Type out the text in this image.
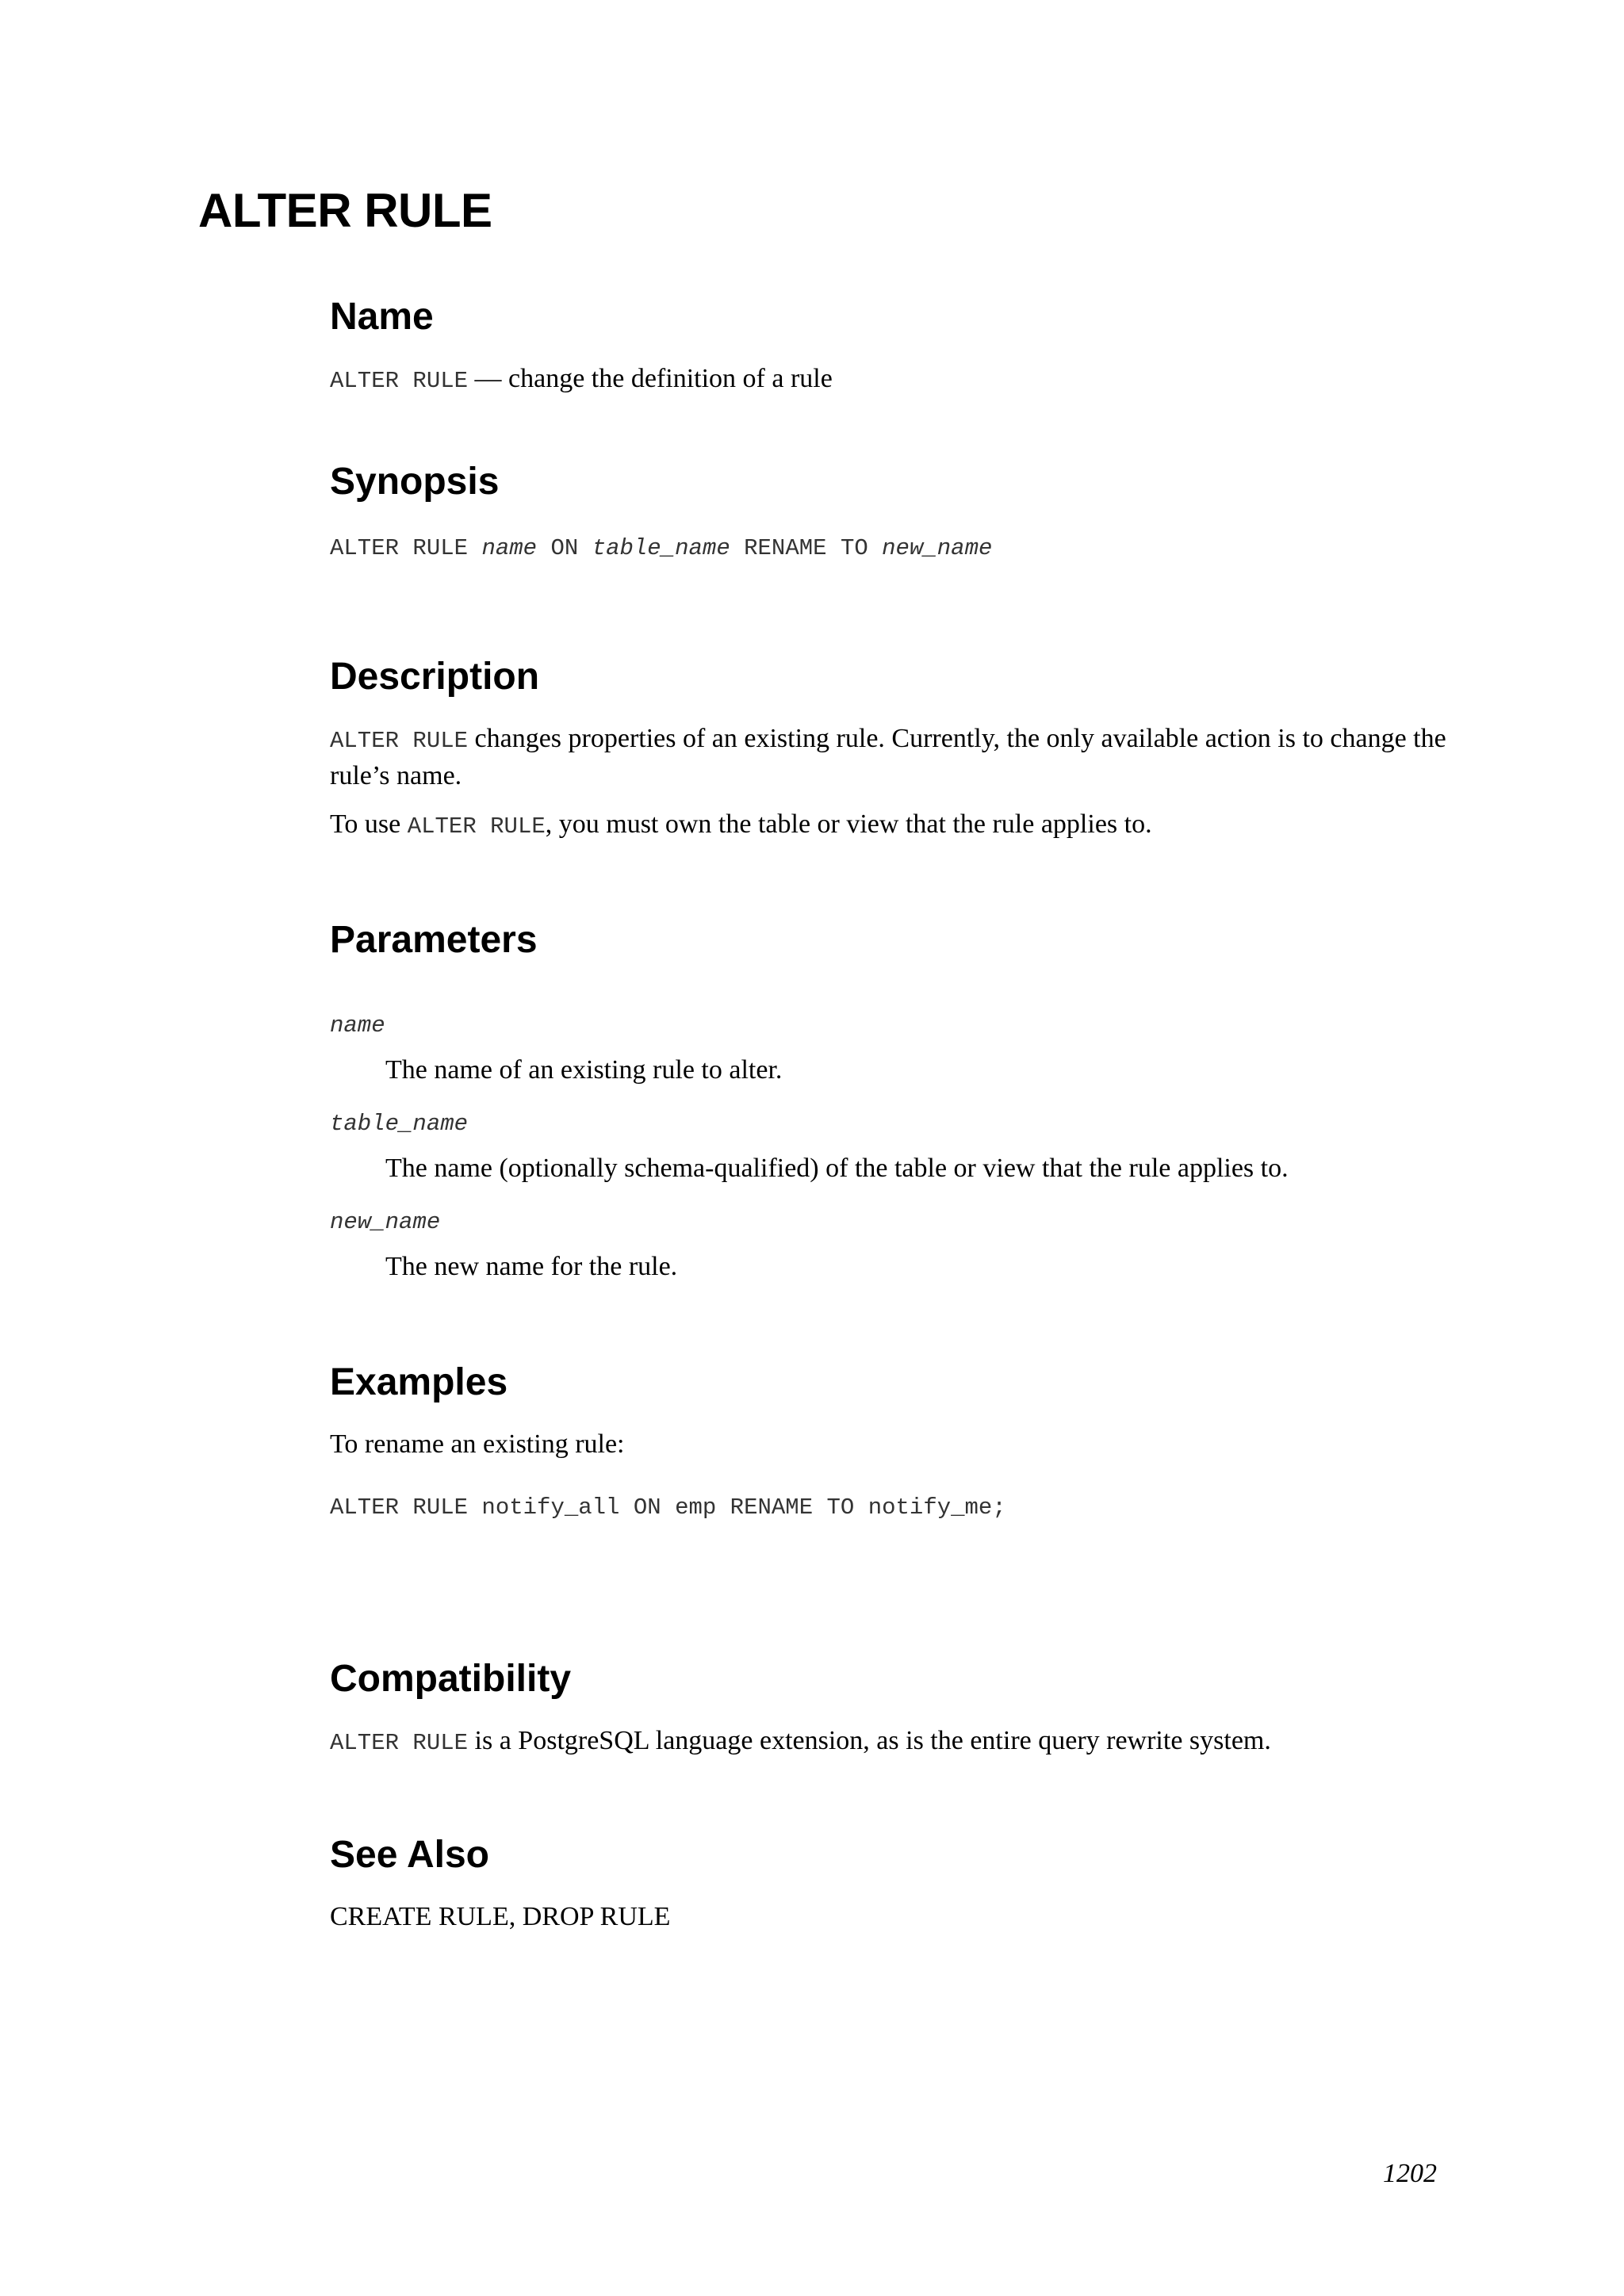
ALTER RULE
Name

ALTER RULE — change the definition of a rule

Synopsis

ALTER RULE name ON table_name RENAME TO new_name

Description

ALTER RULE changes properties of an existing rule. Currently, the only available action is to change the rule’s name.

To use ALTER RULE, you must own the table or view that the rule applies to.

Parameters

name

The name of an existing rule to alter.

table_name

The name (optionally schema-qualified) of the table or view that the rule applies to.

new_name

The new name for the rule.

Examples

To rename an existing rule:

ALTER RULE notify_all ON emp RENAME TO notify_me;

Compatibility

ALTER RULE is a PostgreSQL language extension, as is the entire query rewrite system.

See Also

CREATE RULE, DROP RULE

1202
